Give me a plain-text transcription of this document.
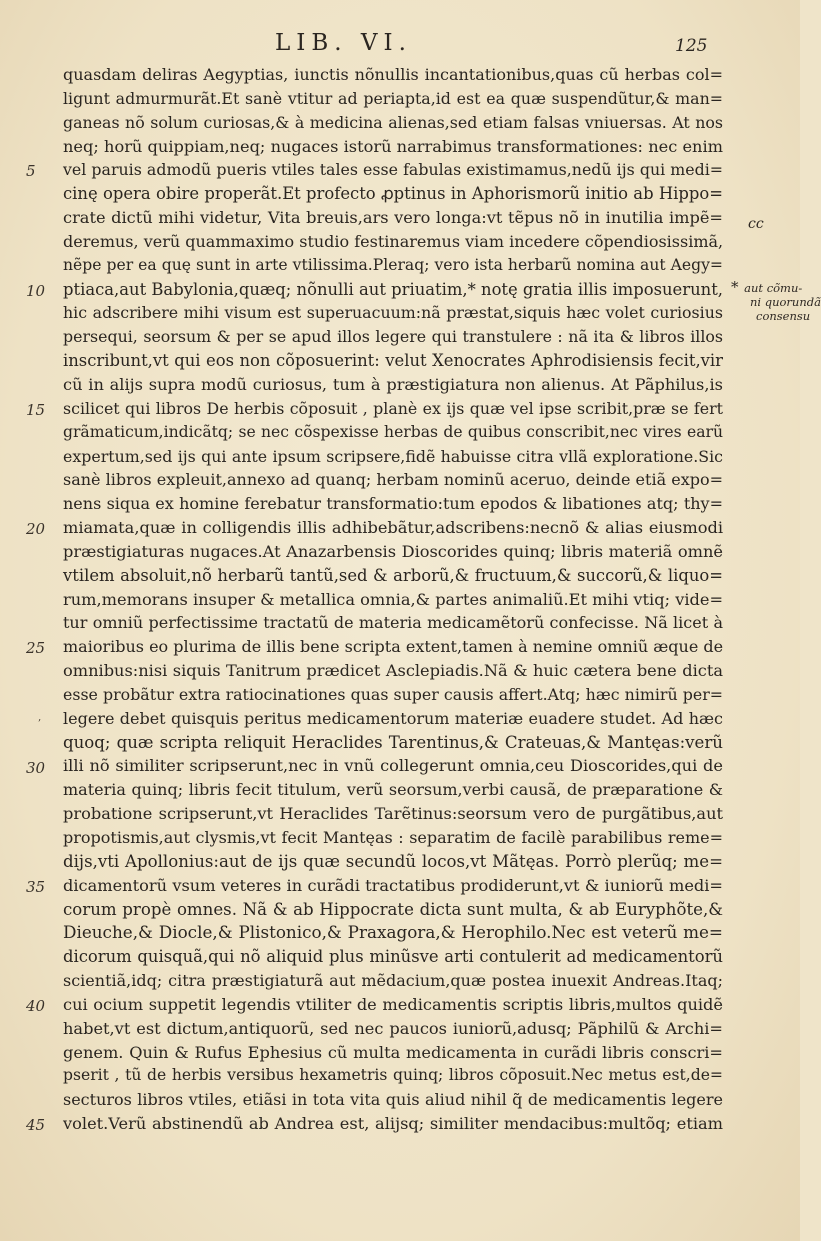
LIB. VI.	125
5
10
15
20
25
30
35
40
45
‚
quasdam deliras Aegyptias, iunctis nõnullis incantationibus,quas cũ herbas col=
ligunt admurmurãt.Et sanè vtitur ad periapta,id est ea quæ suspendũtur,& man=
ganeas nõ solum curiosas,& à medicina alienas,sed etiam falsas vniuersas. At nos
neq; horũ quippiam,neq; nugaces istorũ narrabimus transformationes: nec enim
vel paruis admodũ pueris vtiles tales esse fabulas existimamus,nedũ ijs qui medi=
cinę opera obire properãt.Et profecto ꝓptinus in Aphorismorũ initio ab Hippo=
crate dictũ mihi videtur, Vita breuis,ars vero longa:vt tẽpus nõ in inutilia impẽ=
deremus, verũ quammaximo studio festinaremus viam incedere cõpendiosissimã,
nẽpe per ea quę sunt in arte vtilissima.Pleraq; vero ista herbarũ nomina aut Aegy=
ptiaca,aut Babylonia,quæq; nõnulli aut priuatim,* notę gratia illis imposuerunt,
hic adscribere mihi visum est superuacuum:nã præstat,siquis hæc volet curiosius
persequi, seorsum & per se apud illos legere qui transtulere : nã ita & libros illos
inscribunt,vt qui eos non cõposuerint: velut Xenocrates Aphrodisiensis fecit,vir
cũ in alijs supra modũ curiosus, tum à præstigiatura non alienus. At Pãphilus,is
scilicet qui libros De herbis cõposuit , planè ex ijs quæ vel ipse scribit,præ se fert
grãmaticum,indicãtq; se nec cõspexisse herbas de quibus conscribit,nec vires earũ
expertum,sed ijs qui ante ipsum scripsere,fidẽ habuisse citra vllã exploratione.Sic
sanè libros expleuit,annexo ad quanq; herbam nominũ aceruo, deinde etiã expo=
nens siqua ex homine ferebatur transformatio:tum epodos & libationes atq; thy=
miamata,quæ in colligendis illis adhibebãtur,adscribens:necnõ & alias eiusmodi
præstigiaturas nugaces.At Anazarbensis Dioscorides quinq; libris materiã omnẽ
vtilem absoluit,nõ herbarũ tantũ,sed & arborũ,& fructuum,& succorũ,& liquo=
rum,memorans insuper & metallica omnia,& partes animaliũ.Et mihi vtiq; vide=
tur omniũ perfectissime tractatũ de materia medicamẽtorũ confecisse. Nã licet à
maioribus eo plurima de illis bene scripta extent,tamen à nemine omniũ æque de
omnibus:nisi siquis Tanitrum prædicet Asclepiadis.Nã & huic cætera bene dicta
esse probãtur extra ratiocinationes quas super causis affert.Atq; hæc nimirũ per=
legere debet quisquis peritus medicamentorum materiæ euadere studet. Ad hæc
quoq; quæ scripta reliquit Heraclides Tarentinus,& Crateuas,& Mantęas:verũ
illi nõ similiter scripserunt,nec in vnũ collegerunt omnia,ceu Dioscorides,qui de
materia quinq; libris fecit titulum, verũ seorsum,verbi causã, de præparatione &
probatione scripserunt,vt Heraclides Tarẽtinus:seorsum vero de purgãtibus,aut
propotismis,aut clysmis,vt fecit Mantęas : separatim de facilè parabilibus reme=
dijs,vti Apollonius:aut de ijs quæ secundũ locos,vt Mãtęas. Porrò plerũq; me=
dicamentorũ vsum veteres in curãdi tractatibus prodiderunt,vt & iuniorũ medi=
corum propè omnes. Nã & ab Hippocrate dicta sunt multa, & ab Euryphõte,&
Dieuche,& Diocle,& Plistonico,& Praxagora,& Herophilo.Nec est veterũ me=
dicorum quisquã,qui nõ aliquid plus minũsve arti contulerit ad medicamentorũ
scientiã,idq; citra præstigiaturã aut mẽdacium,quæ postea inuexit Andreas.Itaq;
cui ocium suppetit legendis vtiliter de medicamentis scriptis libris,multos quidẽ
habet,vt est dictum,antiquorũ, sed nec paucos iuniorũ,adusq; Pãphilũ & Archi=
genem. Quin & Rufus Ephesius cũ multa medicamenta in curãdi libris conscri=
pserit , tũ de herbis versibus hexametris quinq; libros cõposuit.Nec metus est,de=
secturos libros vtiles, etiãsi in tota vita quis aliud nihil q̃ de medicamentis legere
volet.Verũ abstinendũ ab Andrea est, alijsq; similiter mendacibus:multõq; etiam
cc
* aut cõmu-
ni quorundã
consensu
